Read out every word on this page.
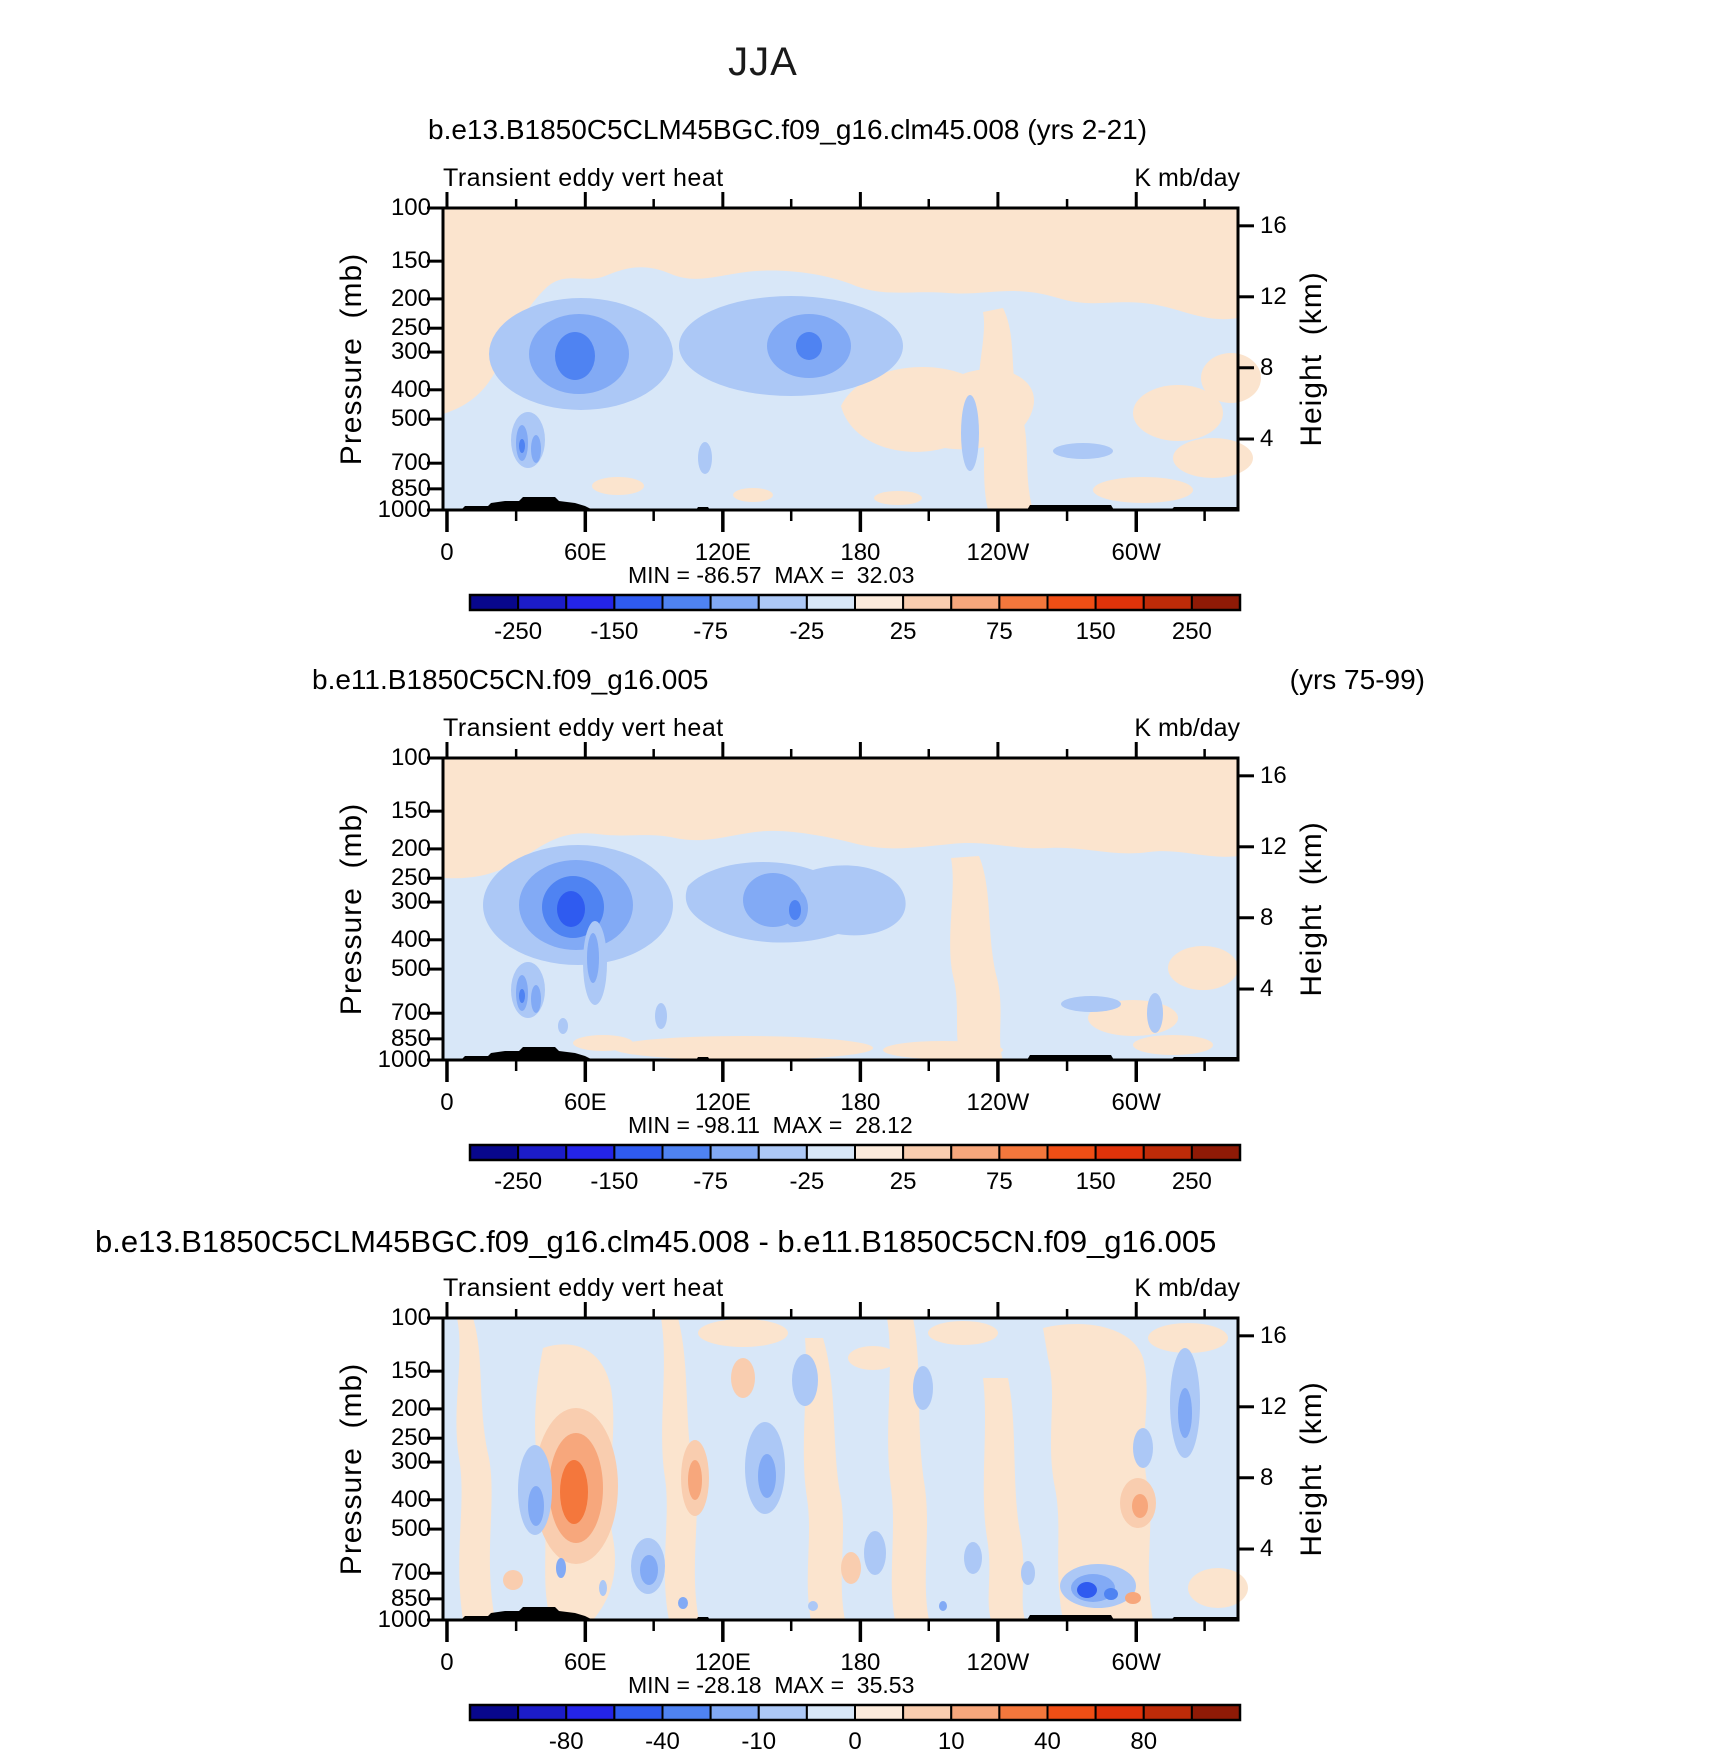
JJA
b.e13.B1850C5CLM45BGC.f09_g16.clm45.008 (yrs 2-21)
Transient eddy vert heat	K mb/day
MIN = -86.57  MAX =  32.03
Pressure  (mb)	Height  (km)
100
150
200
250
300
400
500
700
850
1000
16
12
8
4
0	60E	120E	180	120W	60W
-250	-150	-75	-25	25	75	150	250
b.e11.B1850C5CN.f09_g16.005	(yrs 75-99)
Transient eddy vert heat	K mb/day
MIN = -98.11  MAX =  28.12
Pressure  (mb)	Height  (km)
100
150
200
250
300
400
500
700
850
1000
16
12
8
4
0	60E	120E	180	120W	60W
-250	-150	-75	-25	25	75	150	250
b.e13.B1850C5CLM45BGC.f09_g16.clm45.008 - b.e11.B1850C5CN.f09_g16.005
Transient eddy vert heat	K mb/day
MIN = -28.18  MAX =  35.53
Pressure  (mb)	Height  (km)
100
150
200
250
300
400
500
700
850
1000
16
12
8
4
0	60E	120E	180	120W	60W
-80	-40	-10	0	10	40	80
